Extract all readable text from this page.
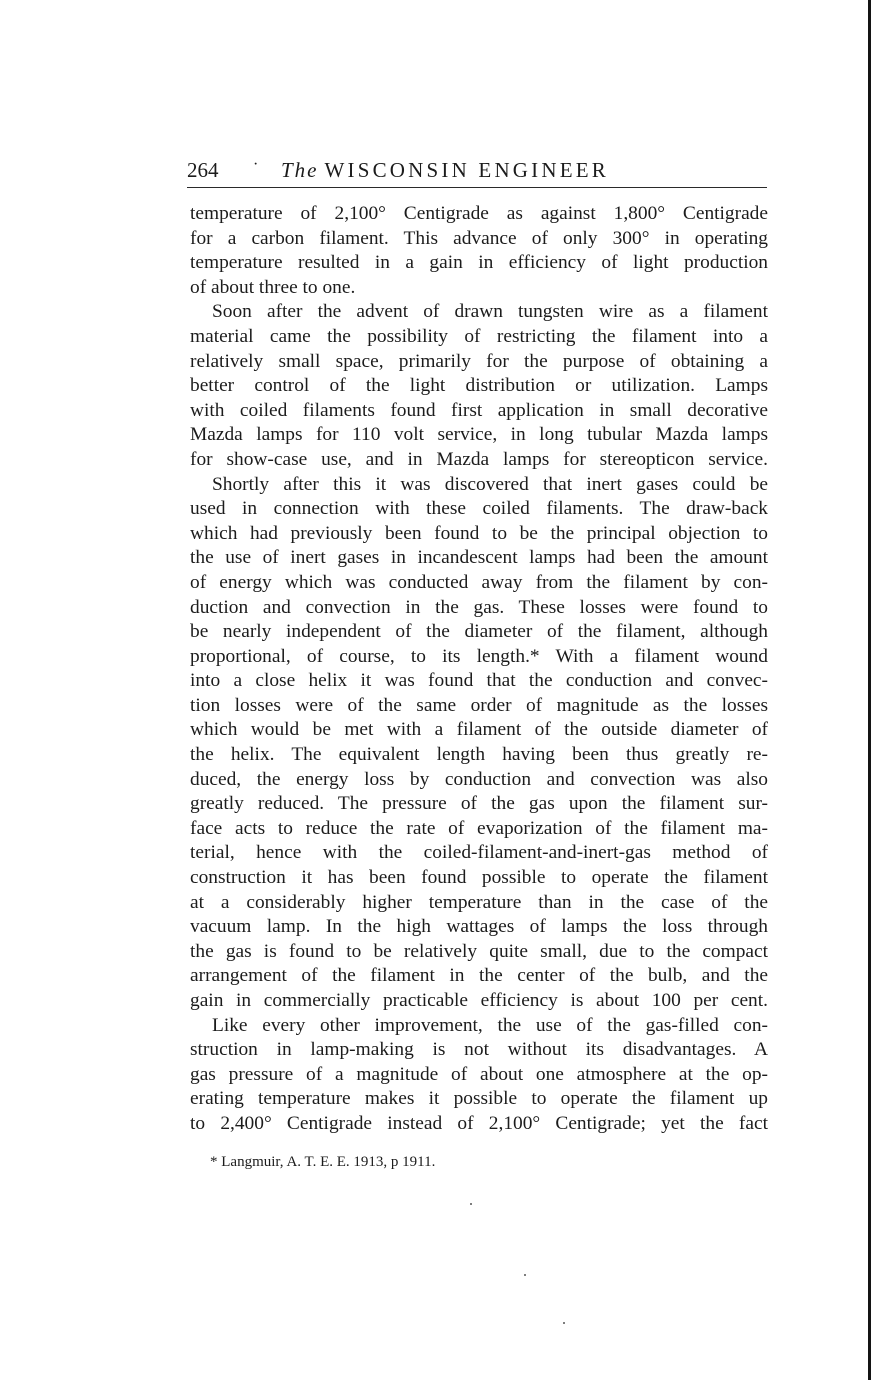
264 · The WISCONSIN ENGINEER
temperature of 2,100° Centigrade as against 1,800° Centigrade
for a carbon filament. This advance of only 300° in operating
temperature resulted in a gain in efficiency of light production
of about three to one.
Soon after the advent of drawn tungsten wire as a filament
material came the possibility of restricting the filament into a
relatively small space, primarily for the purpose of obtaining a
better control of the light distribution or utilization. Lamps
with coiled filaments found first application in small decorative
Mazda lamps for 110 volt service, in long tubular Mazda lamps
for show-case use, and in Mazda lamps for stereopticon service.
Shortly after this it was discovered that inert gases could be
used in connection with these coiled filaments. The draw-back
which had previously been found to be the principal objection to
the use of inert gases in incandescent lamps had been the amount
of energy which was conducted away from the filament by con-
duction and convection in the gas. These losses were found to
be nearly independent of the diameter of the filament, although
proportional, of course, to its length.* With a filament wound
into a close helix it was found that the conduction and convec-
tion losses were of the same order of magnitude as the losses
which would be met with a filament of the outside diameter of
the helix. The equivalent length having been thus greatly re-
duced, the energy loss by conduction and convection was also
greatly reduced. The pressure of the gas upon the filament sur-
face acts to reduce the rate of evaporization of the filament ma-
terial, hence with the coiled-filament-and-inert-gas method of
construction it has been found possible to operate the filament
at a considerably higher temperature than in the case of the
vacuum lamp. In the high wattages of lamps the loss through
the gas is found to be relatively quite small, due to the compact
arrangement of the filament in the center of the bulb, and the
gain in commercially practicable efficiency is about 100 per cent.
Like every other improvement, the use of the gas-filled con-
struction in lamp-making is not without its disadvantages. A
gas pressure of a magnitude of about one atmosphere at the op-
erating temperature makes it possible to operate the filament up
to 2,400° Centigrade instead of 2,100° Centigrade; yet the fact
* Langmuir, A. T. E. E. 1913, p 1911.
